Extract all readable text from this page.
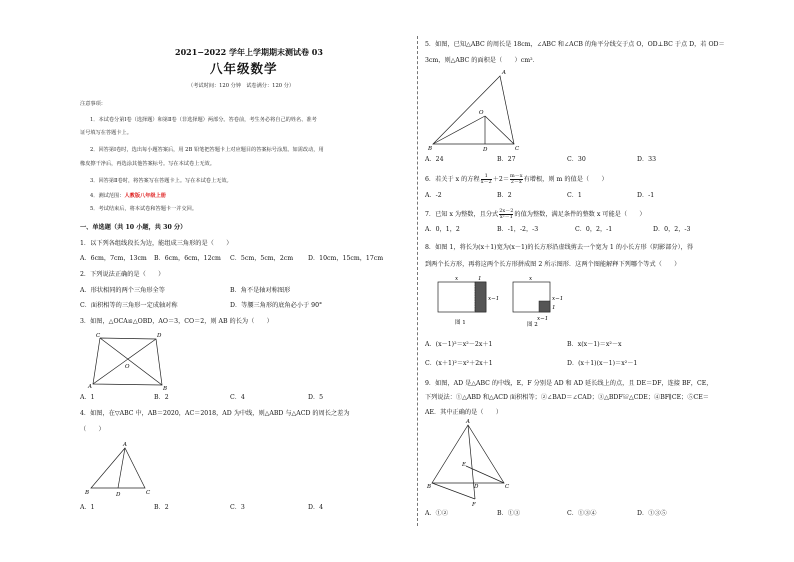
2021−2022 学年上学期期末测试卷 03
八年级数学
（考试时间：120 分钟　试卷满分：120 分）
注意事项：
1．本试卷分第Ⅰ卷（选择题）和第Ⅱ卷（非选择题）两部分。答卷前，考生务必将自己的姓名、准考
证号填写在答题卡上。
2．回答第Ⅰ卷时，选出每小题答案后，用 2B 铅笔把答题卡上对应题目的答案标号涂黑。如需改动，用
橡皮擦干净后，再选涂其他答案标号。写在本试卷上无效。
3．回答第Ⅱ卷时，将答案写在答题卡上。写在本试卷上无效。
4．测试范围：人教版八年级上册
5．考试结束后，将本试卷和答题卡一并交回。
一、单选题（共 10 小题，共 30 分）
1．以下列各组线段长为边，能组成三角形的是（　　）
A．6cm，7cm，13cm B．6cm，6cm，12cm C．5cm，5cm，2cm D．10cm，15cm，17cm
2．下列说法正确的是（　　）
A．形状相同的两个三角形全等	B．角不是轴对称图形
C．面积相等的三角形一定成轴对称	D．等腰三角形的底角必小于 90°
3．如图，△OCA≌△OBD，AO＝3，CO＝2，则 AB 的长为（　　）
C	D
O
A	B
A．1	B．2	C．4	D．5
4．如图，在▽ABC 中，AB＝2020，AC＝2018，AD 为中线，则△ABD 与△ACD 的周长之差为
（　　）
A
B	D	C
A．1	B．2	C．3	D．4
5．如图，已知△ABC 的周长是 18cm，∠ABC 和∠ACB 的角平分线交于点 O，OD⊥BC 于点 D，若 OD＝
3cm，则△ABC 的面积是（　　）cm²．
A
O
B	D	C
A．24	B．27	C．30	D．33
6．若关于 x 的方程 $\frac{1}{x-2} +2= \frac{m-x}{2-x}$ 有增根，则 m 的值是（　　）
A．-2	B．2	C．1	D．-1
7．已知 x 为整数，且分式 $\frac{2x-2}{\text{x²－1}}$ 的值为整数，满足条件的整数 x 可能是（　　）
A．0，1，2	B．-1，-2，-3	C．0，2，-1	D．0，2，-3
8．如图 1，将长为(x＋1)宽为(x－1)的长方形沿虚线剪去一个宽为 1 的小长方形（阴影部分），得
到两个长方形，再将这两个长方形拼成图 2 所示图形．这两个图能解释下列哪个等式（　　）
x	1
x−1
图 1
x
x−1
1
x−1
图 2
A．(x－1)²＝x²－2x＋1	B．x(x－1)＝x²－x
C．(x＋1)²＝x²＋2x＋1	D．(x＋1)(x－1)＝x²－1
9．如图，AD 是△ABC 的中线，E，F 分别是 AD 和 AD 延长线上的点，且 DE＝DF，连接 BF，CE，
下列说法：①△ABD 和△ACD 面积相等；②∠BAD＝∠CAD；③△BDF≌△CDE；④BF∥CE；⑤CE＝
AE．其中正确的是（　　）
A
E
B	D	C
F
A．①②	B．①③	C．①③④	D．①③⑤
